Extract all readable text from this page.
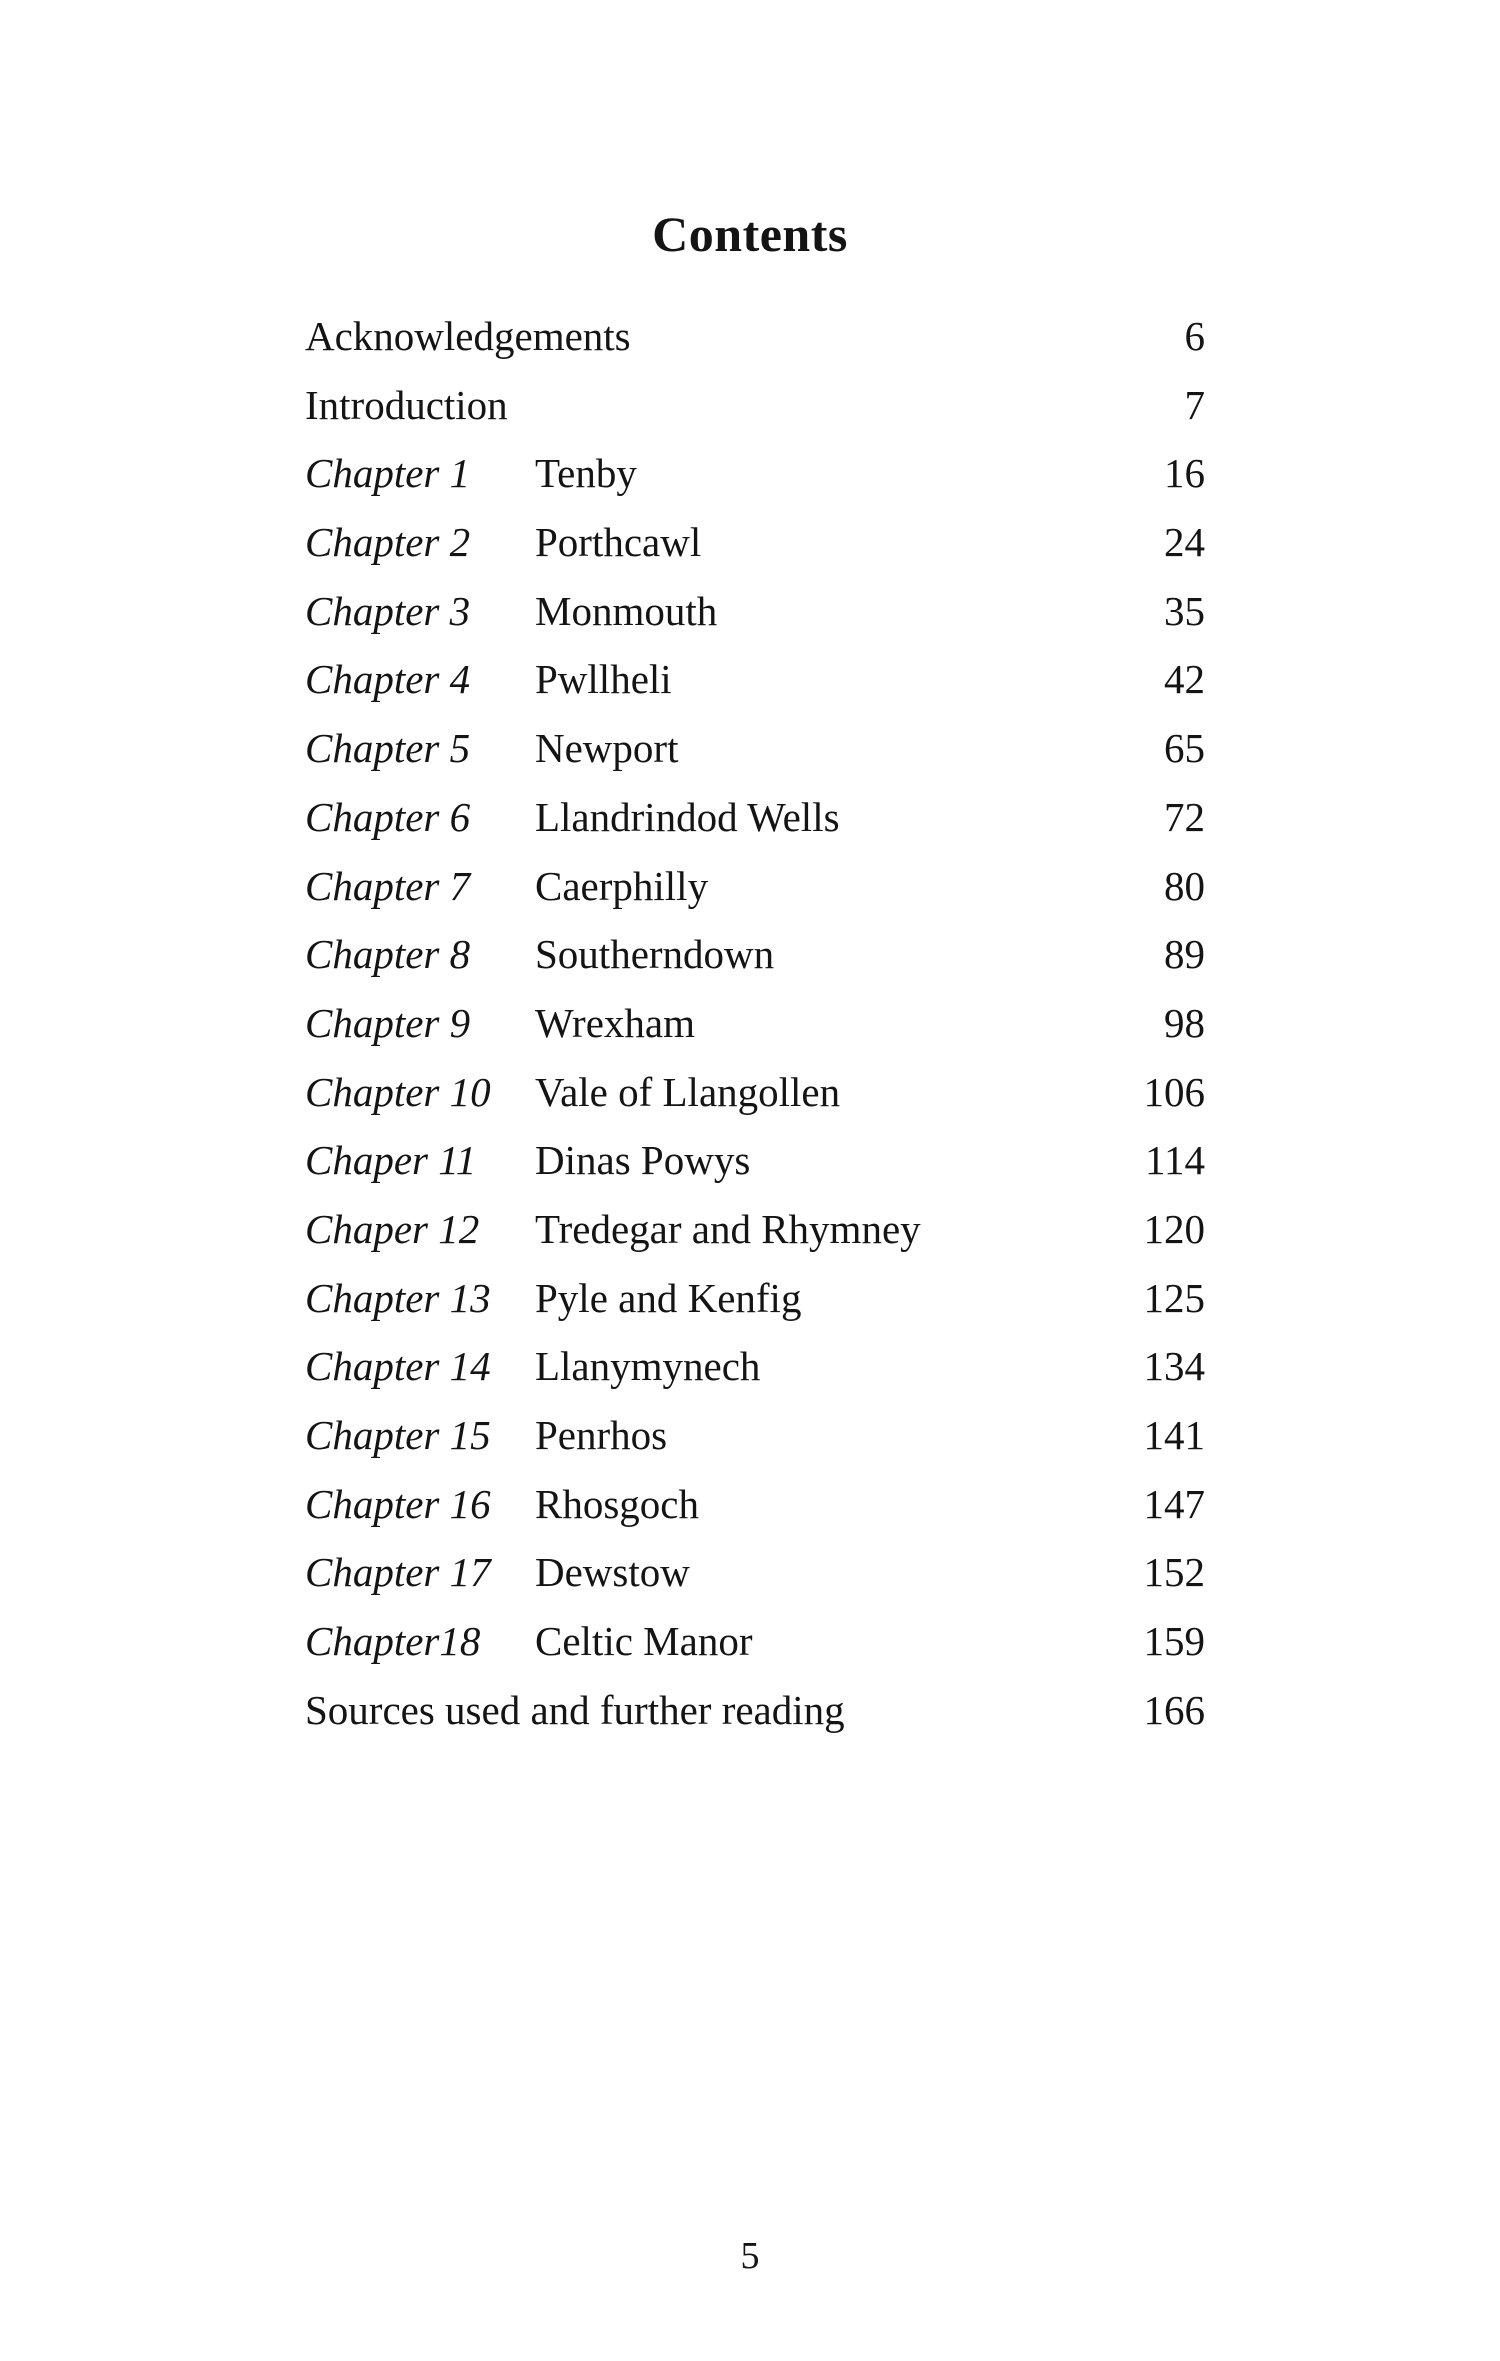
Contents
Acknowledgements	6
Introduction	7
Chapter 1 Tenby	16
Chapter 2 Porthcawl	24
Chapter 3 Monmouth	35
Chapter 4 Pwllheli	42
Chapter 5 Newport	65
Chapter 6 Llandrindod Wells	72
Chapter 7 Caerphilly	80
Chapter 8 Southerndown	89
Chapter 9 Wrexham	98
Chapter 10 Vale of Llangollen	106
Chaper 11 Dinas Powys	114
Chaper 12 Tredegar and Rhymney	120
Chapter 13 Pyle and Kenfig	125
Chapter 14 Llanymynech	134
Chapter 15 Penrhos	141
Chapter 16 Rhosgoch	147
Chapter 17 Dewstow	152
Chapter18 Celtic Manor	159
Sources used and further reading	166
5
